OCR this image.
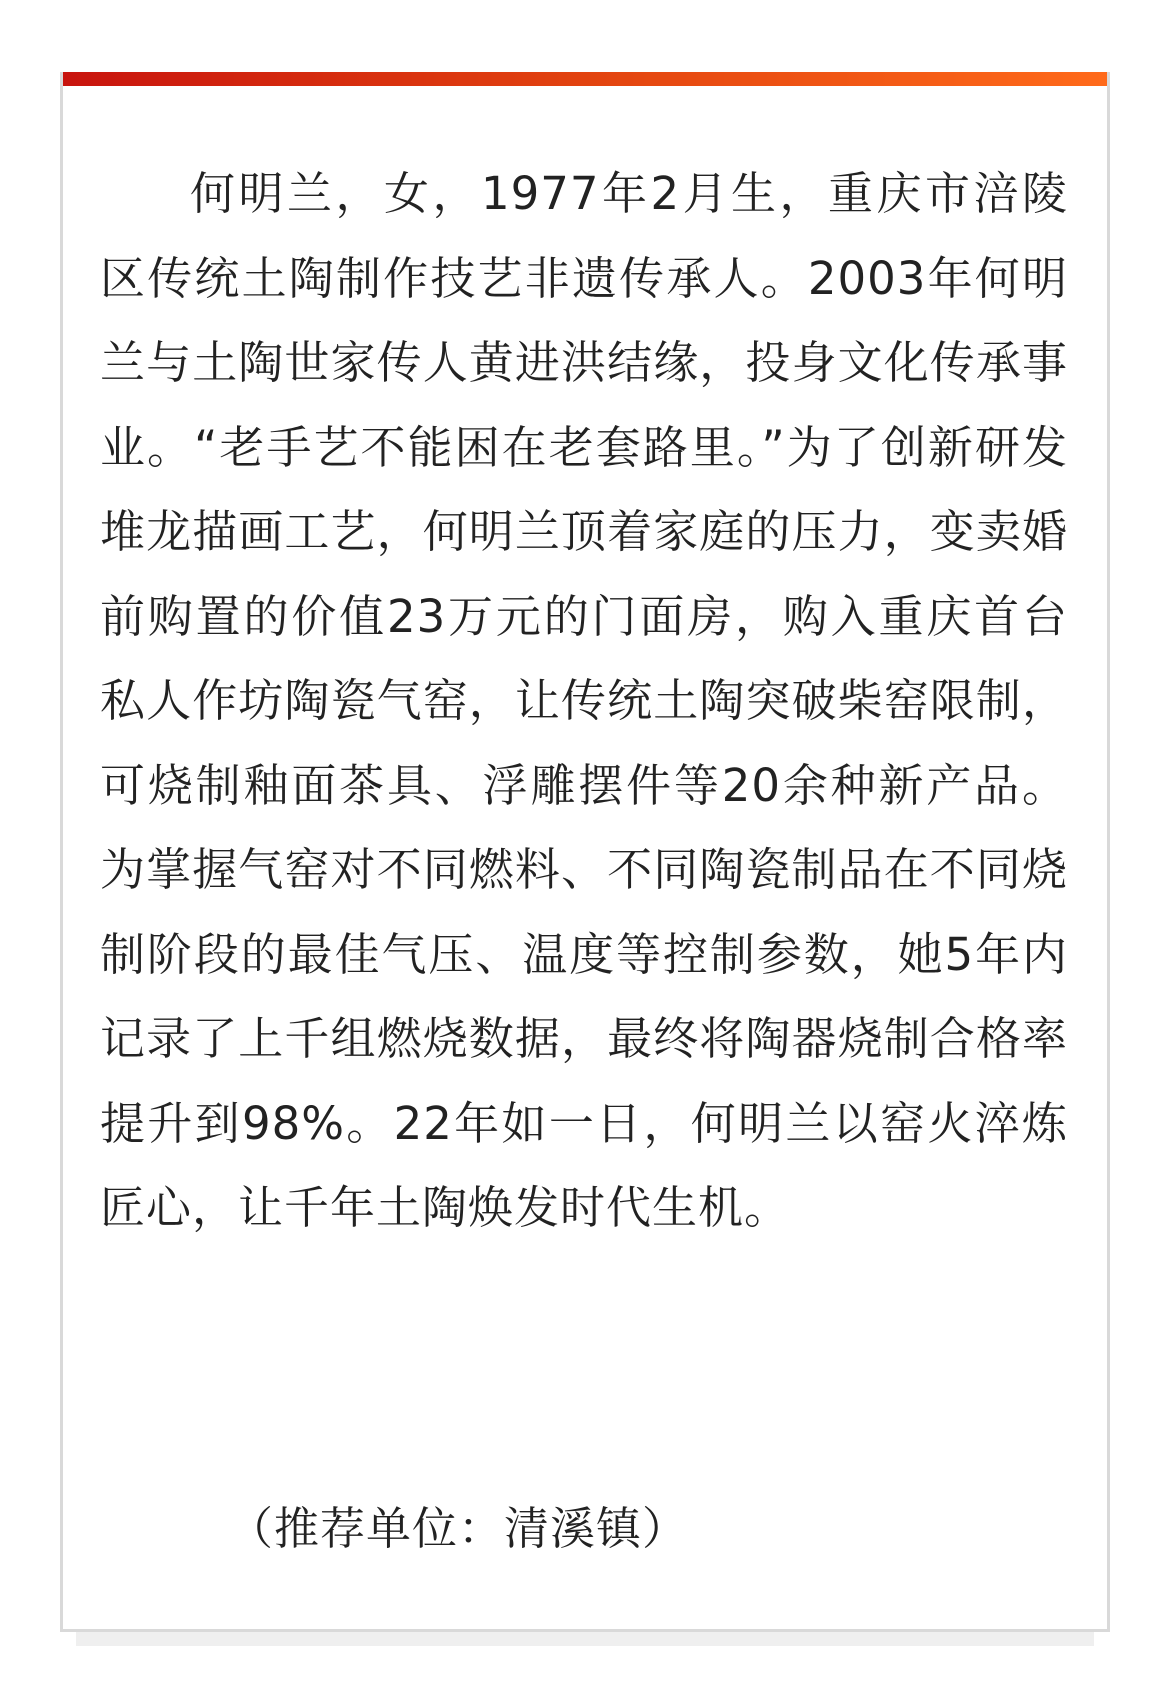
何明兰，女，1977年2月生，重庆市涪陵区传统土陶制作技艺非遗传承人。2003年何明兰与土陶世家传人黄进洪结缘，投身文化传承事业。“老手艺不能困在老套路里。”为了创新研发堆龙描画工艺，何明兰顶着家庭的压力，变卖婚前购置的价值23万元的门面房，购入重庆首台私人作坊陶瓷气窑，让传统土陶突破柴窑限制，可烧制釉面茶具、浮雕摆件等20余种新产品。为掌握气窑对不同燃料、不同陶瓷制品在不同烧制阶段的最佳气压、温度等控制参数，她5年内记录了上千组燃烧数据，最终将陶器烧制合格率提升到98%。22年如一日，何明兰以窑火淬炼匠心，让千年土陶焕发时代生机。

（推荐单位：清溪镇）
